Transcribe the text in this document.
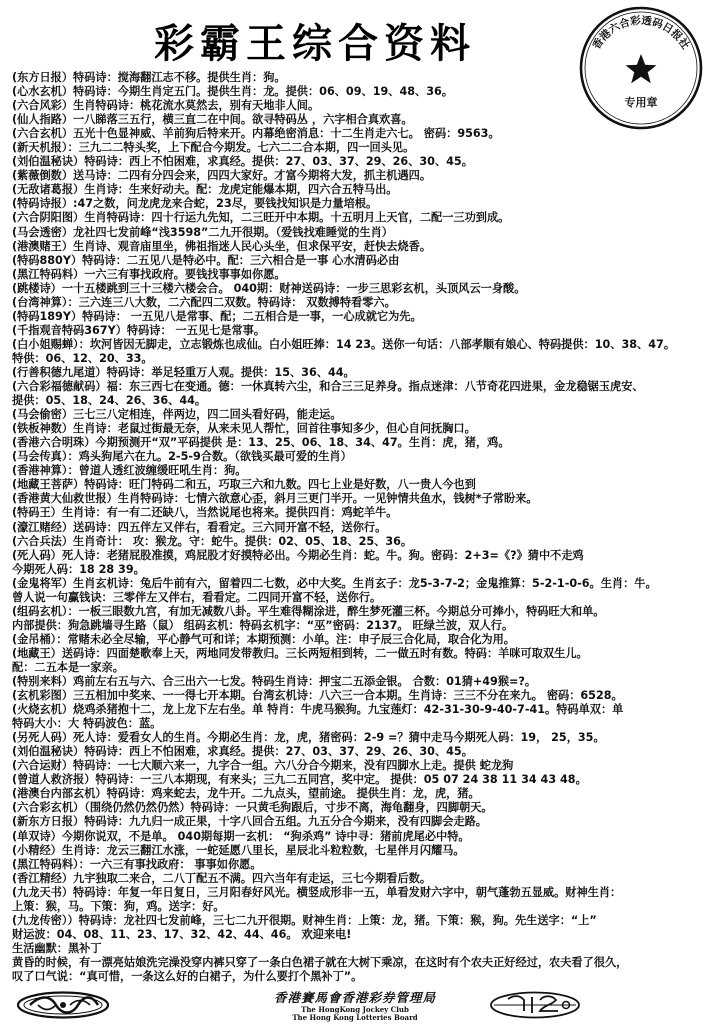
彩霸王综合资料	香港六合彩透码日报社
专用章
(东方日报）特码诗：搅海翻江志不移。提供生肖：狗。
(心水玄机）特码诗：今期生肖定五门。提供生肖：龙。提供：06、09、19、48、36。
(六合风彩）生肖特码诗：桃花流水莫然去，别有天地非人间。
(仙人指路）一八睇落三五行，横三直二在中间。欲寻特码丛 ，六字相合真欢喜。
(六合玄机）五光十色显神威、羊前狗后特来开。内幕绝密消息：十二生肖走六七。 密码：9563。
(新天机报）：三九二二特头奖，上下配合今期发。七六二二合本期，四一回头见。
(刘伯温秘诀）特码诗：西上不怕困难，求真经。提供：27、03、37、29、26、30、45。
(紫薇倒数）送马诗：二四有分四会来，四四大家好。才富今期将大发，抓主机遇四。
(无敌诸葛报）生肖诗：生来好动夫。配：龙虎定能爆本期，四六合五特马出。
(特码诗报）:47之数，问龙虎龙来合蛇，23尽，要钱找知识是力量培根。
(六合阴阳图）生肖特码诗：四十行运九先知，二三旺开中本期。十五明月上天官，二配一三功到成。
(马会透密）龙社四七发前峰“浅3598”二九开很期。（爱钱找难睡觉的生肖）
(港澳赌王）生肖诗、观音庙里坐，佛祖指迷人民心头坐，但求保平安，赶快去烧香。
(特码880Y）特码诗：二五见八是特必中。配：三六相合是一事 心水清码必由
(黑江特码料）一六三有事找政府。要钱找事事如你愿。
(跳楼诗）一十五楼跳到三十三楼六楼会合。 040期：财神送码诗：一步三思彩玄机，头顶风云一身酸。
(台湾神算）：三六连三八大数，二六配四二双数。特码诗： 双数搏特看零六。
(特码189Y）特码诗： 一五见八是常事、配；二五相合是一事，一心成就它为先。
(千指观音特码367Y）特码诗： 一五见七是常事。
(白小姐赐蝉）：坎河皆因无脚走，立志锻炼也成仙。白小姐旺捧：14 23。送你一句话：八部孝顺有娘心、特码提供：10、38、47。
特供：06、12、20、33。
(行善积德九尾道）特码诗：举足轻重万人观。提供：15、36、44。
(六合彩福德献码）福：东三西七在变通。德：一休真转六尘，和合三三足养身。指点迷津：八节奇花四进果，金龙稳锯玉虎安、
提供：05、18、24、26、36、44。
(马会偷密）三七三八定相连，伴两边，四二回头看好码，能走运。
(铁板神数）生肖诗：老鼠过街最无奈，从来未见人帮忙，回首往事知多少，但心自问抚胸口。
(香港六合明珠）今期预测开“双”平码提供 是：13、25、06、18、34、47。生肖：虎，猪，鸡。
(马会传真）：鸡头狗尾六在九。2-5-9合数。（欲钱买最可爱的生肖）
(香港神算）：曾道人透红波缠缓旺吼生肖：狗。
(地藏王菩萨）特码诗：旺门特码二和五，巧取三六和九数。四七上业是好数，八一贵人今也到
(香港黄大仙救世报）生肖特码诗：七情六欲意心歪，斜月三更门半开。一见钟情共鱼水，钱树*子常盼来。
(特码王）生肖诗：有一有二还缺八，当然说尾也将来。提供四肖：鸡蛇羊牛。
(濠江赌经）送码诗：四五伴左又伴右，看看定。三六同开富不轻，送你行。
(六合兵法）生肖奇计： 攻：猴龙。守：蛇牛。提供：02、05、18、25、36。
(死人码）死人诗：老猪屁股准摸，鸡屁股才好摸特必出。今期必生肖：蛇。牛。狗。密码：2+3=《?》猜中不走鸡
今期死人码：18 28 39。
(金鬼将军）生肖玄机诗：兔后牛前有六，留着四二七数，必中大奖。生肖玄子：龙5-3-7-2；金鬼推算：5-2-1-0-6。生肖：牛。
曾人说一句赢钱诀：三零伴左又伴右，看看定。二四同开富不轻，送你行。
(组码玄机）：一板三眼数九宫，有加无减数八卦。平生难得糊涂进，醉生梦死灌三杯。今期总分可捧小，特码旺大和单。
内部提供：狗急跳墙寻生路（鼠） 组码玄机：特码玄机字：“巫”密码：2137。 旺绿兰波，双人行。
(金吊桶）：常赌未必全尽输，平心静气可和详；本期预测：小单。注：申子辰三合化局，取合化为用。
(地藏王）送码诗：四面楚歌奉上天，两地同发带教归。三长两短相到转，二一做五时有数。特码：羊咪可取双生儿。
配：二五本是一家亲。
(特别来料）鸡前左右五与六、合三出六一七发。特码生肖诗：押宝二五添金银。 合数：01猜+49猴=?。
(玄机彩图）三五相加中奖来、一一得七开本期。台湾玄机诗：八六三一合本期。生肖诗：三三不分在来九。 密码：6528。
(火烧玄机）烧鸡杀猪抱十二，龙上龙下左右坐。单 特肖：牛虎马猴狗。九宝莲灯：42-31-30-9-40-7-41。特码单双：单
特码大小：大 特码波色：蓝。
(另死人码）死人诗：爱看女人的生肖。今期必生肖：龙，虎，猪密码：2-9 =？猜中走马今期死人码：19， 25，35。
(刘伯温秘诀）特码诗：西上不怕困难，求真经。提供：27、03、37、29、26、30、45。
(六合运财）特码诗：一七大顺六来一，九字合一组。六八分合今期来，没有四脚水上走。提供 蛇龙狗
(曾道人救济报）特码诗：一三八本期现，有来头；三九二五同宫，奖中定。 提供：05 07 24 38 11 34 43 48。
(港澳台内部玄机）特码诗：鸡来蛇去，龙牛开。二九点头，望前途。 提供生肖：龙，虎，猪。
(六合彩玄机）（围绕仍然仍然仍然）特码诗：一只黄毛狗跟后，寸步不离，海龟翻身，四脚朝天。
(新东方日报）特码诗：九九归一成正果，十字八回合五组。九五分合今期来，没有四脚会走路。
(单双诗）今期你说双，不是单。 040期每期一玄机： “狗杀鸡” 诗中寻：猪前虎尾必中特。
(小精经）生肖诗：龙云三翻江水涨，一蛇延愿八里长，星辰北斗粒粒数，七星伴月闪耀马。
(黑江特码料）：一六三有事找政府： 事事如你愿。
(香江精经）九宇独取二来合，二八丁配五不满。四六当年有走运，三七今期看后数。
(九龙天书）特码诗：年复一年日复日，三月阳春好风光。横竖成形非一五，单看发财六字中，朝气蓬勃五显威。财神生肖：
上策：猴，马。下策：狗，鸡。送字：好。
(九龙传密））特码诗：龙社四七发前峰，三七二九开很期。财神生肖：上策：龙，猪。下策：猴，狗。先生送字：“上”
财运波：04、08、11、23、17、32、42、44、46。 欢迎来电!
生活幽默：黑补丁
黄昏的时候，有一漂亮姑娘洗完澡没穿内裤只穿了一条白色裙子就在大树下乘凉，在这时有个农夫正好经过，农夫看了很久，
叹了口气说：“真可惜，一条这么好的白裙子，为什么要打个黑补丁”。
香港賽馬會香港彩券管理局
The HongKong Jockey Club
The Hong Kong Lotteries Board
